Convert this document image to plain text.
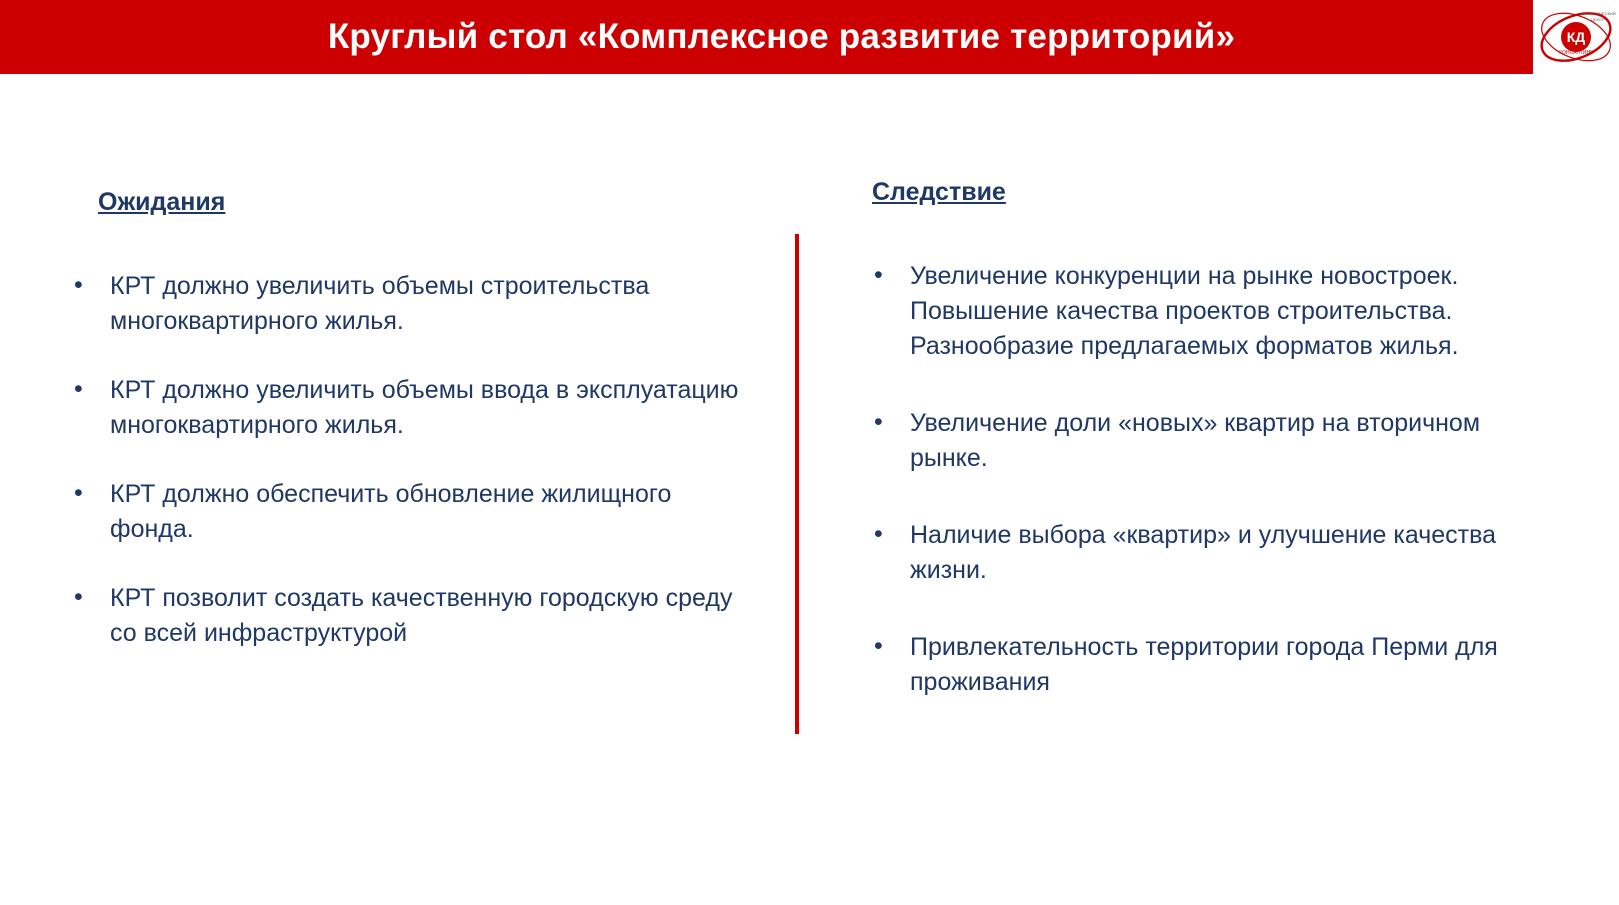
Круглый стол «Комплексное развитие территорий»	КД
КОНСАЛТИНГ
АНАЛИТИЧЕСКИЙ
ЦЕНТР
Ожидания
• КРТ должно увеличить объемы строительства многоквартирного жилья.
• КРТ должно увеличить объемы ввода в эксплуатацию многоквартирного жилья.
• КРТ должно обеспечить обновление жилищного фонда.
• КРТ позволит создать качественную городскую среду со всей инфраструктурой
Следствие
• Увеличение конкуренции на рынке новостроек. Повышение качества проектов строительства. Разнообразие предлагаемых форматов жилья.
• Увеличение доли «новых» квартир на вторичном рынке.
• Наличие выбора «квартир» и улучшение качества жизни.
• Привлекательность территории города Перми для проживания
